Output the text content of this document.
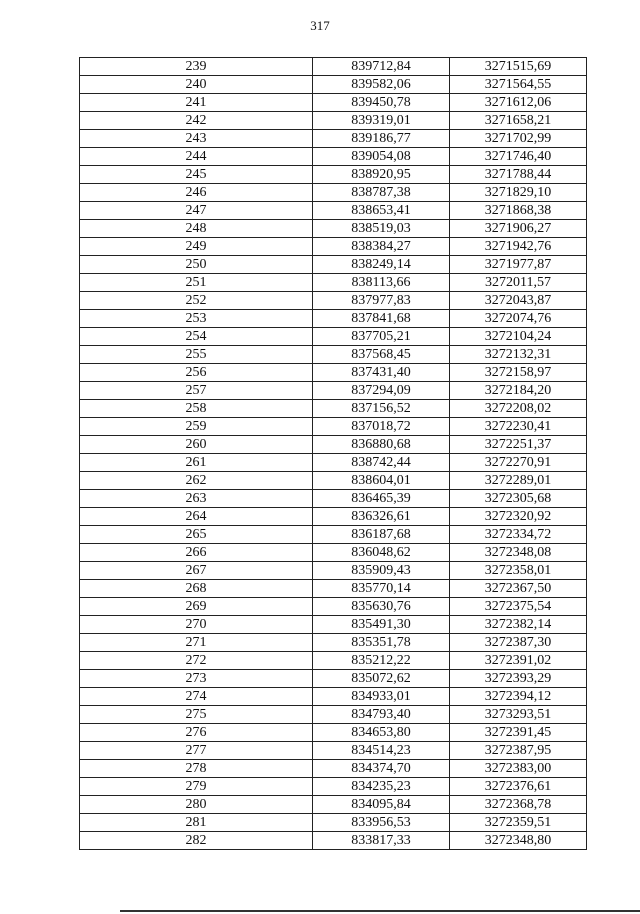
317
239	839712,84	3271515,69
240	839582,06	3271564,55
241	839450,78	3271612,06
242	839319,01	3271658,21
243	839186,77	3271702,99
244	839054,08	3271746,40
245	838920,95	3271788,44
246	838787,38	3271829,10
247	838653,41	3271868,38
248	838519,03	3271906,27
249	838384,27	3271942,76
250	838249,14	3271977,87
251	838113,66	3272011,57
252	837977,83	3272043,87
253	837841,68	3272074,76
254	837705,21	3272104,24
255	837568,45	3272132,31
256	837431,40	3272158,97
257	837294,09	3272184,20
258	837156,52	3272208,02
259	837018,72	3272230,41
260	836880,68	3272251,37
261	838742,44	3272270,91
262	838604,01	3272289,01
263	836465,39	3272305,68
264	836326,61	3272320,92
265	836187,68	3272334,72
266	836048,62	3272348,08
267	835909,43	3272358,01
268	835770,14	3272367,50
269	835630,76	3272375,54
270	835491,30	3272382,14
271	835351,78	3272387,30
272	835212,22	3272391,02
273	835072,62	3272393,29
274	834933,01	3272394,12
275	834793,40	3273293,51
276	834653,80	3272391,45
277	834514,23	3272387,95
278	834374,70	3272383,00
279	834235,23	3272376,61
280	834095,84	3272368,78
281	833956,53	3272359,51
282	833817,33	3272348,80
